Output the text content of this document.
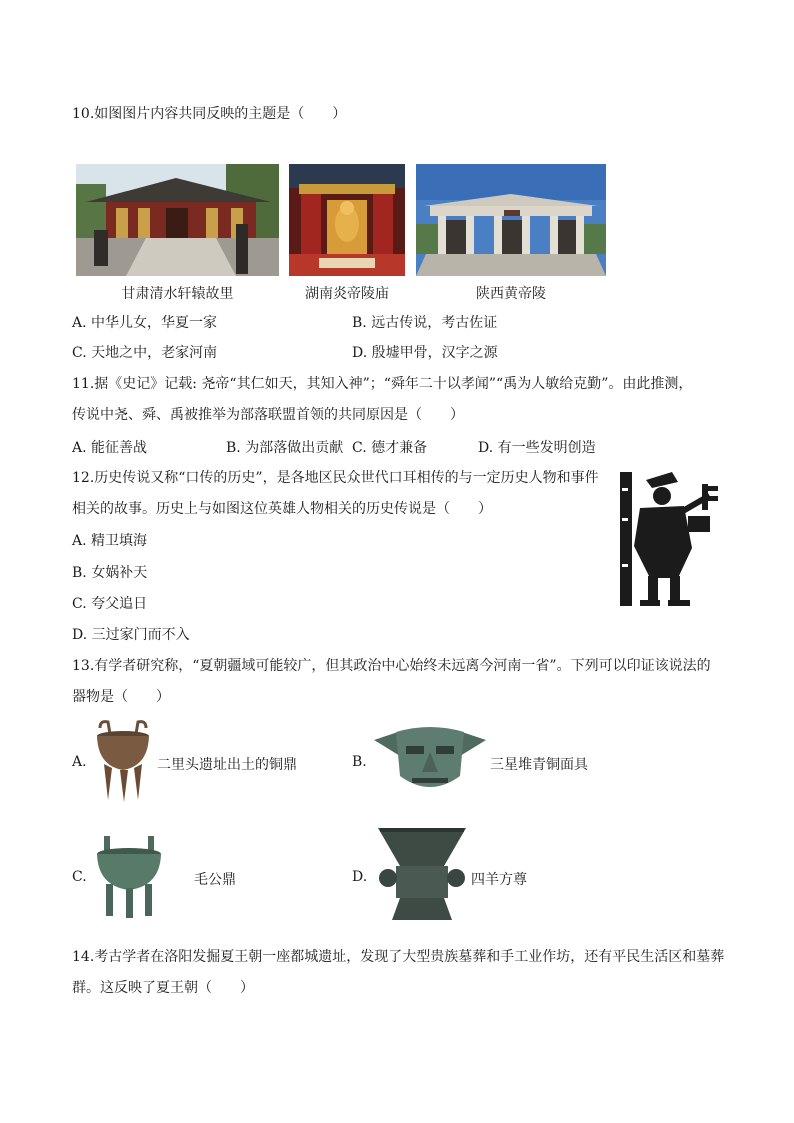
10.如图图片内容共同反映的主题是（　　）
甘肃清水轩辕故里	湖南炎帝陵庙	陕西黄帝陵
A. 中华儿女，华夏一家	B. 远古传说，考古佐证
C. 天地之中，老家河南	D. 殷墟甲骨，汉字之源
11.据《史记》记载: 尧帝“其仁如天，其知入神”；“舜年二十以孝闻”“禹为人敏给克勤”。由此推测，
传说中尧、舜、禹被推举为部落联盟首领的共同原因是（　　）
A. 能征善战	B. 为部落做出贡献 C. 德才兼备	D. 有一些发明创造
12.历史传说又称“口传的历史”，是各地区民众世代口耳相传的与一定历史人物和事件
相关的故事。历史上与如图这位英雄人物相关的历史传说是（　　）
A. 精卫填海
B. 女娲补天
C. 夸父追日
D. 三过家门而不入
13.有学者研究称，“夏朝疆域可能较广，但其政治中心始终未远离今河南一省”。下列可以印证该说法的
器物是（　　）
A.	二里头遗址出土的铜鼎	B.	三星堆青铜面具
C.	毛公鼎	D.	四羊方尊
14.考古学者在洛阳发掘夏王朝一座都城遗址，发现了大型贵族墓葬和手工业作坊，还有平民生活区和墓葬
群。这反映了夏王朝（　　）
